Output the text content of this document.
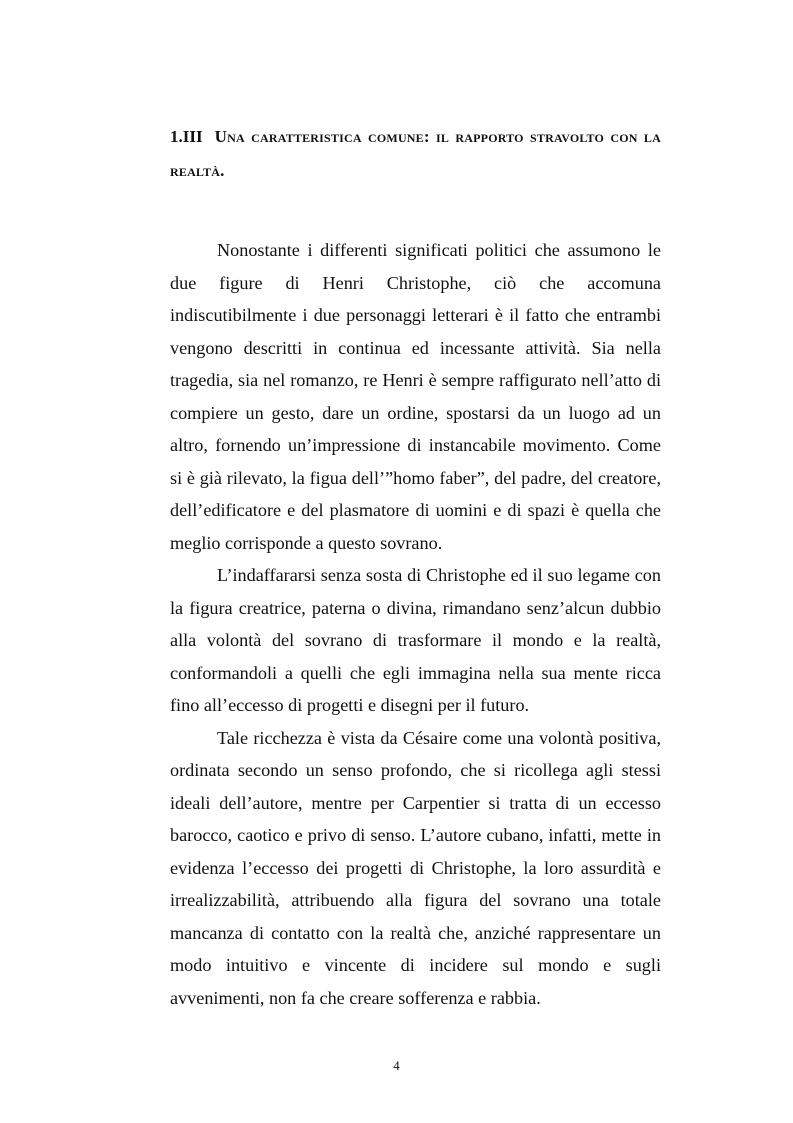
1.III Una caratteristica comune: il rapporto stravolto con la realtà.

Nonostante i differenti significati politici che assumono le due figure di Henri Christophe, ciò che accomuna indiscutibilmente i due personaggi letterari è il fatto che entrambi vengono descritti in continua ed incessante attività. Sia nella tragedia, sia nel romanzo, re Henri è sempre raffigurato nell’atto di compiere un gesto, dare un ordine, spostarsi da un luogo ad un altro, fornendo un’impressione di instancabile movimento. Come si è già rilevato, la figua dell’”homo faber”, del padre, del creatore, dell’edificatore e del plasmatore di uomini e di spazi è quella che meglio corrisponde a questo sovrano.

L’indaffararsi senza sosta di Christophe ed il suo legame con la figura creatrice, paterna o divina, rimandano senz’alcun dubbio alla volontà del sovrano di trasformare il mondo e la realtà, conformandoli a quelli che egli immagina nella sua mente ricca fino all’eccesso di progetti e disegni per il futuro.

Tale ricchezza è vista da Césaire come una volontà positiva, ordinata secondo un senso profondo, che si ricollega agli stessi ideali dell’autore, mentre per Carpentier si tratta di un eccesso barocco, caotico e privo di senso. L’autore cubano, infatti, mette in evidenza l’eccesso dei progetti di Christophe, la loro assurdità e irrealizzabilità, attribuendo alla figura del sovrano una totale mancanza di contatto con la realtà che, anziché rappresentare un modo intuitivo e vincente di incidere sul mondo e sugli avvenimenti, non fa che creare sofferenza e rabbia.

4
